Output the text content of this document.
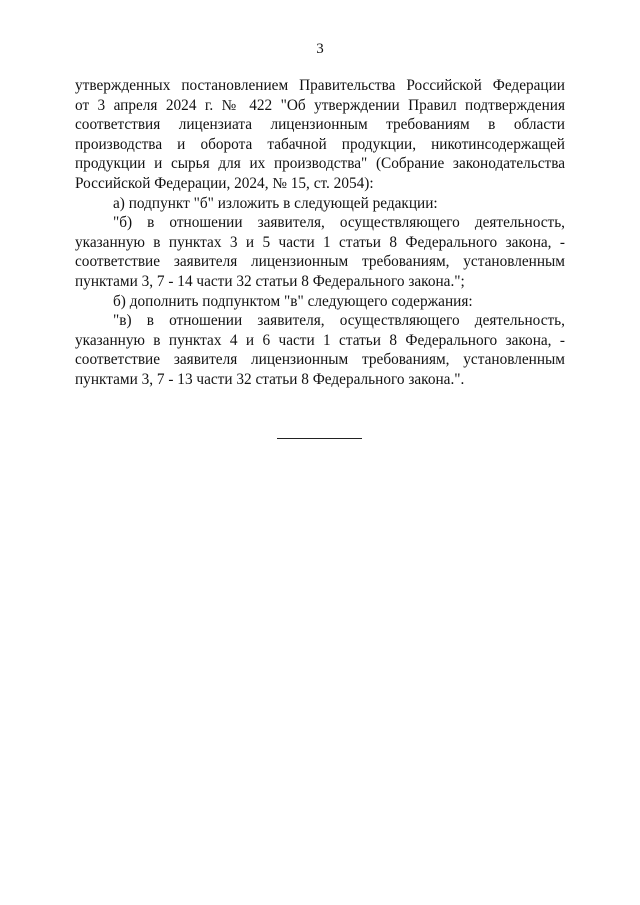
3
утвержденных постановлением Правительства Российской Федерации
от 3 апреля 2024 г. № 422 "Об утверждении Правил подтверждения
соответствия лицензиата лицензионным требованиям в области
производства и оборота табачной продукции, никотинсодержащей
продукции и сырья для их производства" (Собрание законодательства
Российской Федерации, 2024, № 15, ст. 2054):
а) подпункт "б" изложить в следующей редакции:
"б) в отношении заявителя, осуществляющего деятельность,
указанную в пунктах 3 и 5 части 1 статьи 8 Федерального закона, -
соответствие заявителя лицензионным требованиям, установленным
пунктами 3, 7 - 14 части 32 статьи 8 Федерального закона.";
б) дополнить подпунктом "в" следующего содержания:
"в) в отношении заявителя, осуществляющего деятельность,
указанную в пунктах 4 и 6 части 1 статьи 8 Федерального закона, -
соответствие заявителя лицензионным требованиям, установленным
пунктами 3, 7 - 13 части 32 статьи 8 Федерального закона.".
